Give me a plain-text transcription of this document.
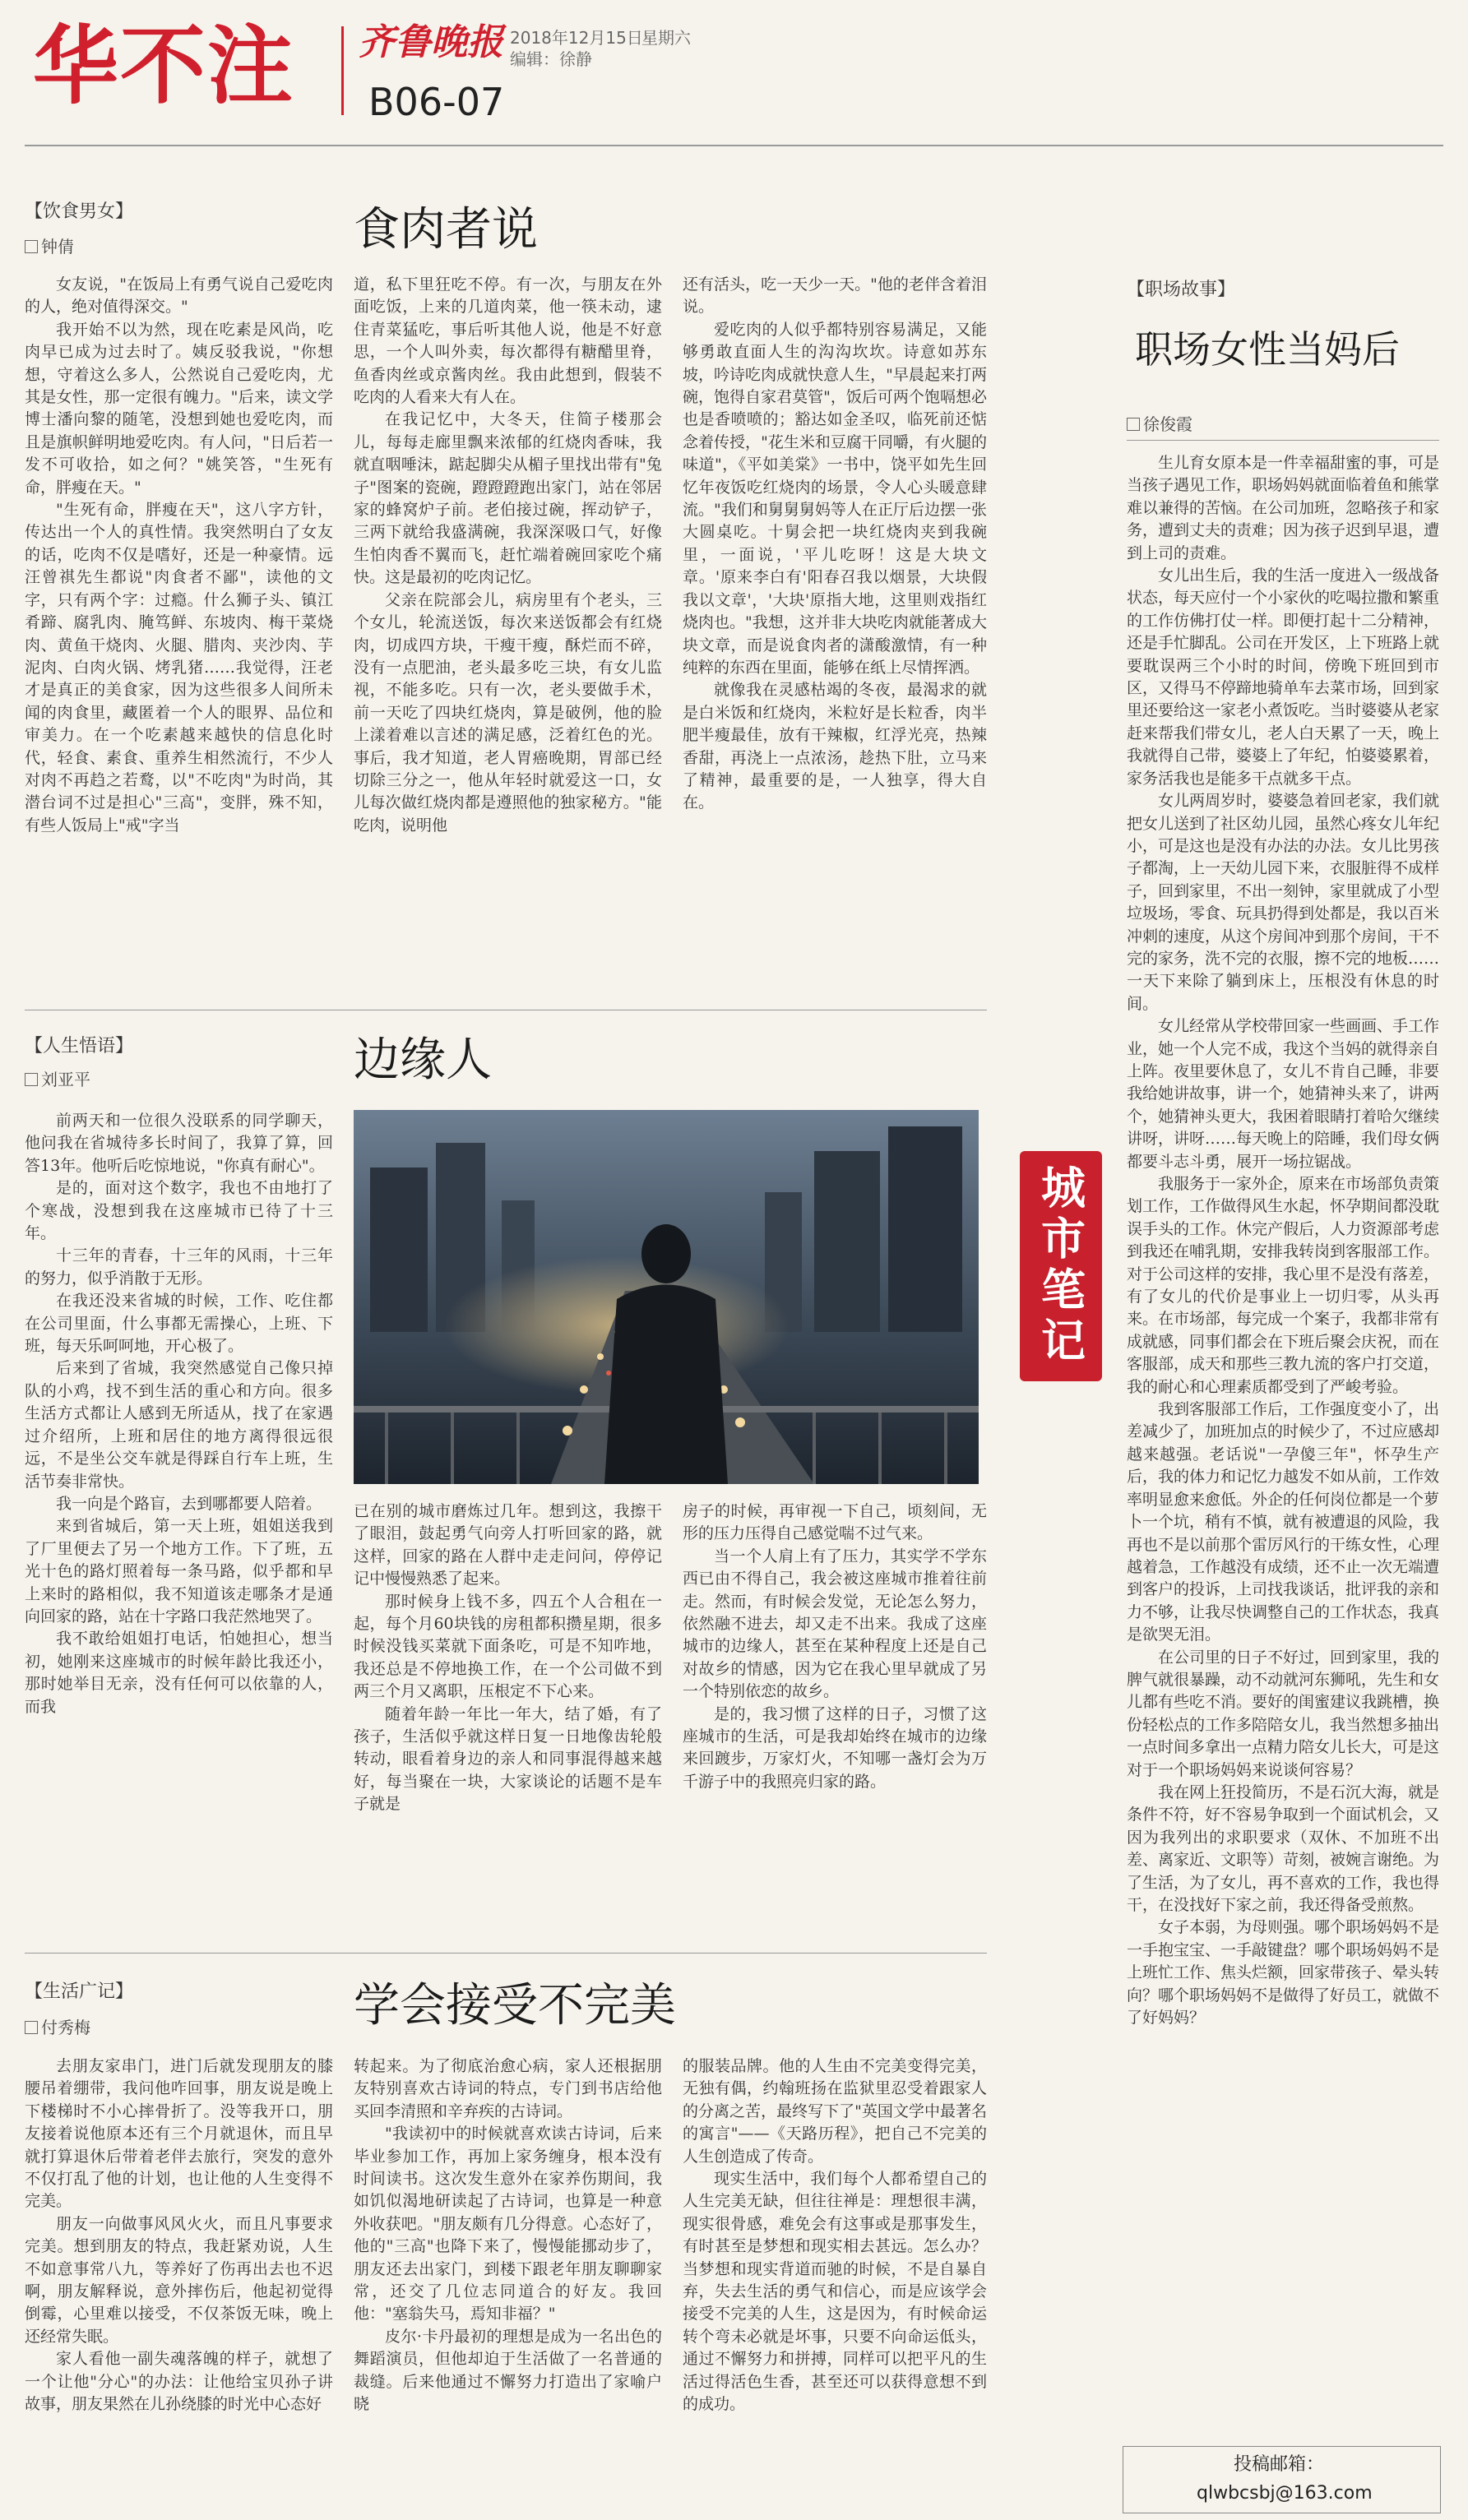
华不注 齐鲁晚报 2018年12月15日
星期六
编辑：徐静
B06-07
【饮食男女】
钟倩	食肉者说

女友说，"在饭局上有勇气说自己爱吃肉的人，绝对值得深交。"

我开始不以为然，现在吃素是风尚，吃肉早已成为过去时了。姨反驳我说，"你想想，守着这么多人，公然说自己爱吃肉，尤其是女性，那一定很有魄力。"后来，读文学博士潘向黎的随笔，没想到她也爱吃肉，而且是旗帜鲜明地爱吃肉。有人问，"日后若一发不可收拾，如之何？"姚笑答，"生死有命，胖瘦在天。"

"生死有命，胖瘦在天"，这八字方针，传达出一个人的真性情。我突然明白了女友的话，吃肉不仅是嗜好，还是一种豪情。远汪曾祺先生都说"肉食者不鄙"，读他的文字，只有两个字：过瘾。什么狮子头、镇江肴蹄、腐乳肉、腌笃鲜、东坡肉、梅干菜烧肉、黄鱼干烧肉、火腿、腊肉、夹沙肉、芋泥肉、白肉火锅、烤乳猪……我觉得，汪老才是真正的美食家，因为这些很多人间所未闻的肉食里，藏匿着一个人的眼界、品位和审美力。在一个吃素越来越快的信息化时代，轻食、素食、重养生相然流行，不少人对肉不再趋之若鹜，以"不吃肉"为时尚，其潜台词不过是担心"三高"，变胖，殊不知，有些人饭局上"戒"字当

道，私下里狂吃不停。有一次，与朋友在外面吃饭，上来的几道肉菜，他一筷未动，逮住青菜猛吃，事后听其他人说，他是不好意思，一个人叫外卖，每次都得有糖醋里脊，鱼香肉丝或京酱肉丝。我由此想到，假装不吃肉的人看来大有人在。

在我记忆中，大冬天，住简子楼那会儿，每每走廊里飘来浓郁的红烧肉香味，我就直咽唾沫，踮起脚尖从楣子里找出带有"兔子"图案的瓷碗，蹬蹬蹬跑出家门，站在邻居家的蜂窝炉子前。老伯接过碗，挥动铲子，三两下就给我盛满碗，我深深吸口气，好像生怕肉香不翼而飞，赶忙端着碗回家吃个痛快。这是最初的吃肉记忆。

父亲在院部会儿，病房里有个老头，三个女儿，轮流送饭，每次来送饭都会有红烧肉，切成四方块，干瘦干瘦，酥烂而不碎，没有一点肥油，老头最多吃三块，有女儿监视，不能多吃。只有一次，老头要做手术，前一天吃了四块红烧肉，算是破例，他的脸上漾着难以言述的满足感，泛着红色的光。事后，我才知道，老人胃癌晚期，胃部已经切除三分之一，他从年轻时就爱这一口，女儿每次做红烧肉都是遵照他的独家秘方。"能吃肉，说明他

还有活头，吃一天少一天。"他的老伴含着泪说。

爱吃肉的人似乎都特别容易满足，又能够勇敢直面人生的沟沟坎坎。诗意如苏东坡，吟诗吃肉成就快意人生，"早晨起来打两碗，饱得自家君莫管"，饭后可两个饱嗝想必也是香喷喷的；豁达如金圣叹，临死前还惦念着传授，"花生米和豆腐干同嚼，有火腿的味道"，《平如美棠》一书中，饶平如先生回忆年夜饭吃红烧肉的场景，令人心头暖意肆流。"我们和舅舅舅妈等人在正厅后边摆一张大圆桌吃。十舅会把一块红烧肉夹到我碗里，一面说，'平儿吃呀！这是大块文章。'原来李白有'阳春召我以烟景，大块假我以文章'，'大块'原指大地，这里则戏指红烧肉也。"我想，这并非大块吃肉就能著成大块文章，而是说食肉者的潇酸激情，有一种纯粹的东西在里面，能够在纸上尽情挥洒。

就像我在灵感枯竭的冬夜，最渴求的就是白米饭和红烧肉，米粒好是长粒香，肉半肥半瘦最佳，放有干辣椒，红浮光亮，热辣香甜，再浇上一点浓汤，趁热下肚，立马来了精神，最重要的是，一人独享，得大自在。

【人生悟语】
刘亚平	边缘人

前两天和一位很久没联系的同学聊天，他问我在省城待多长时间了，我算了算，回答13年。他听后吃惊地说，"你真有耐心"。

是的，面对这个数字，我也不由地打了个寒战，没想到我在这座城市已待了十三年。

十三年的青春，十三年的风雨，十三年的努力，似乎消散于无形。

在我还没来省城的时候，工作、吃住都在公司里面，什么事都无需操心，上班、下班，每天乐呵呵地，开心极了。

后来到了省城，我突然感觉自己像只掉队的小鸡，找不到生活的重心和方向。很多生活方式都让人感到无所适从，找了在家遇过介绍所，上班和居住的地方离得很远很远，不是坐公交车就是得踩自行车上班，生活节奏非常快。

我一向是个路盲，去到哪都要人陪着。

来到省城后，第一天上班，姐姐送我到了厂里便去了另一个地方工作。下了班，五光十色的路灯照着每一条马路，似乎都和早上来时的路相似，我不知道该走哪条才是通向回家的路，站在十字路口我茫然地哭了。

我不敢给姐姐打电话，怕她担心，想当初，她刚来这座城市的时候年龄比我还小，那时她举目无亲，没有任何可以依靠的人，而我

已在别的城市磨炼过几年。想到这，我擦干了眼泪，鼓起勇气向旁人打听回家的路，就这样，回家的路在人群中走走问问，停停记记中慢慢熟悉了起来。

那时候身上钱不多，四五个人合租在一起，每个月60块钱的房租都积攒星期，很多时候没钱买菜就下面条吃，可是不知咋地，我还总是不停地换工作，在一个公司做不到两三个月又离职，压根定不下心来。

随着年龄一年比一年大，结了婚，有了孩子，生活似乎就这样日复一日地像齿轮般转动，眼看着身边的亲人和同事混得越来越好，每当聚在一块，大家谈论的话题不是车子就是

房子的时候，再审视一下自己，顷刻间，无形的压力压得自己感觉喘不过气来。

当一个人肩上有了压力，其实学不学东西已由不得自己，我会被这座城市推着往前走。然而，有时候会发觉，无论怎么努力，依然融不进去，却又走不出来。我成了这座城市的边缘人，甚至在某种程度上还是自己对故乡的情感，因为它在我心里早就成了另一个特别依恋的故乡。

是的，我习惯了这样的日子，习惯了这座城市的生活，可是我却始终在城市的边缘来回踱步，万家灯火，不知哪一盏灯会为万千游子中的我照亮归家的路。

【生活广记】
付秀梅	学会接受不完美

去朋友家串门，进门后就发现朋友的膝腰吊着绷带，我问他咋回事，朋友说是晚上下楼梯时不小心摔骨折了。没等我开口，朋友接着说他原本还有三个月就退休，而且早就打算退休后带着老伴去旅行，突发的意外不仅打乱了他的计划，也让他的人生变得不完美。

朋友一向做事风风火火，而且凡事要求完美。想到朋友的特点，我赶紧劝说，人生不如意事常八九，等养好了伤再出去也不迟啊，朋友解释说，意外摔伤后，他起初觉得倒霉，心里难以接受，不仅茶饭无味，晚上还经常失眠。

家人看他一副失魂落魄的样子，就想了一个让他"分心"的办法：让他给宝贝孙子讲故事，朋友果然在儿孙绕膝的时光中心态好

转起来。为了彻底治愈心病，家人还根据朋友特别喜欢古诗词的特点，专门到书店给他买回李清照和辛弃疾的古诗词。

"我读初中的时候就喜欢读古诗词，后来毕业参加工作，再加上家务缠身，根本没有时间读书。这次发生意外在家养伤期间，我如饥似渴地研读起了古诗词，也算是一种意外收获吧。"朋友颇有几分得意。心态好了，他的"三高"也降下来了，慢慢能挪动步了，朋友还去出家门，到楼下跟老年朋友聊聊家常，还交了几位志同道合的好友。我回他："塞翁失马，焉知非福？"

皮尔·卡丹最初的理想是成为一名出色的舞蹈演员，但他却迫于生活做了一名普通的裁缝。后来他通过不懈努力打造出了家喻户晓

的服装品牌。他的人生由不完美变得完美，无独有偶，约翰班扬在监狱里忍受着跟家人的分离之苦，最终写下了"英国文学中最著名的寓言"——《天路历程》，把自己不完美的人生创造成了传奇。

现实生活中，我们每个人都希望自己的人生完美无缺，但往往禅是：理想很丰满，现实很骨感，难免会有这事或是那事发生，有时甚至是梦想和现实相去甚远。怎么办？当梦想和现实背道而驰的时候，不是自暴自弃，失去生活的勇气和信心，而是应该学会接受不完美的人生，这是因为，有时候命运转个弯未必就是坏事，只要不向命运低头，通过不懈努力和拼搏，同样可以把平凡的生活过得活色生香，甚至还可以获得意想不到的成功。

城市笔记
【职场故事】
职场女性当妈后
徐俊霞

生儿育女原本是一件幸福甜蜜的事，可是当孩子遇见工作，职场妈妈就面临着鱼和熊掌难以兼得的苦恼。在公司加班，忽略孩子和家务，遭到丈夫的责难；因为孩子迟到早退，遭到上司的责难。

女儿出生后，我的生活一度进入一级战备状态，每天应付一个小家伙的吃喝拉撒和繁重的工作仿佛打仗一样。即便打起十二分精神，还是手忙脚乱。公司在开发区，上下班路上就要耽误两三个小时的时间，傍晚下班回到市区，又得马不停蹄地骑单车去菜市场，回到家里还要给这一家老小煮饭吃。当时婆婆从老家赶来帮我们带女儿，老人白天累了一天，晚上我就得自己带，婆婆上了年纪，怕婆婆累着，家务活我也是能多干点就多干点。

女儿两周岁时，婆婆急着回老家，我们就把女儿送到了社区幼儿园，虽然心疼女儿年纪小，可是这也是没有办法的办法。女儿比男孩子都淘，上一天幼儿园下来，衣服脏得不成样子，回到家里，不出一刻钟，家里就成了小型垃圾场，零食、玩具扔得到处都是，我以百米冲刺的速度，从这个房间冲到那个房间，干不完的家务，洗不完的衣服，擦不完的地板……一天下来除了躺到床上，压根没有休息的时间。

女儿经常从学校带回家一些画画、手工作业，她一个人完不成，我这个当妈的就得亲自上阵。夜里要休息了，女儿不肯自己睡，非要我给她讲故事，讲一个，她猜神头来了，讲两个，她猜神头更大，我困着眼睛打着哈欠继续讲呀，讲呀……每天晚上的陪睡，我们母女俩都要斗志斗勇，展开一场拉锯战。

我服务于一家外企，原来在市场部负责策划工作，工作做得风生水起，怀孕期间都没耽误手头的工作。休完产假后，人力资源部考虑到我还在哺乳期，安排我转岗到客服部工作。对于公司这样的安排，我心里不是没有落差，有了女儿的代价是事业上一切归零，从头再来。在市场部，每完成一个案子，我都非常有成就感，同事们都会在下班后聚会庆祝，而在客服部，成天和那些三教九流的客户打交道，我的耐心和心理素质都受到了严峻考验。

我到客服部工作后，工作强度变小了，出差减少了，加班加点的时候少了，不过应感却越来越强。老话说"一孕傻三年"，怀孕生产后，我的体力和记忆力越发不如从前，工作效率明显愈来愈低。外企的任何岗位都是一个萝卜一个坑，稍有不慎，就有被遭退的风险，我再也不是以前那个雷厉风行的干练女性，心理越着急，工作越没有成绩，还不止一次无端遭到客户的投诉，上司找我谈话，批评我的亲和力不够，让我尽快调整自己的工作状态，我真是欲哭无泪。

在公司里的日子不好过，回到家里，我的脾气就很暴躁，动不动就河东狮吼，先生和女儿都有些吃不消。要好的闺蜜建议我跳槽，换份轻松点的工作多陪陪女儿，我当然想多抽出一点时间多拿出一点精力陪女儿长大，可是这对于一个职场妈妈来说谈何容易？

我在网上狂投简历，不是石沉大海，就是条件不符，好不容易争取到一个面试机会，又因为我列出的求职要求（双休、不加班不出差、离家近、文职等）苛刻，被婉言谢绝。为了生活，为了女儿，再不喜欢的工作，我也得干，在没找好下家之前，我还得备受煎熬。

女子本弱，为母则强。哪个职场妈妈不是一手抱宝宝、一手敲键盘？哪个职场妈妈不是上班忙工作、焦头烂额，回家带孩子、晕头转向？哪个职场妈妈不是做得了好员工，就做不了好妈妈？

投稿邮箱：
qlwbcsbj@163.com
